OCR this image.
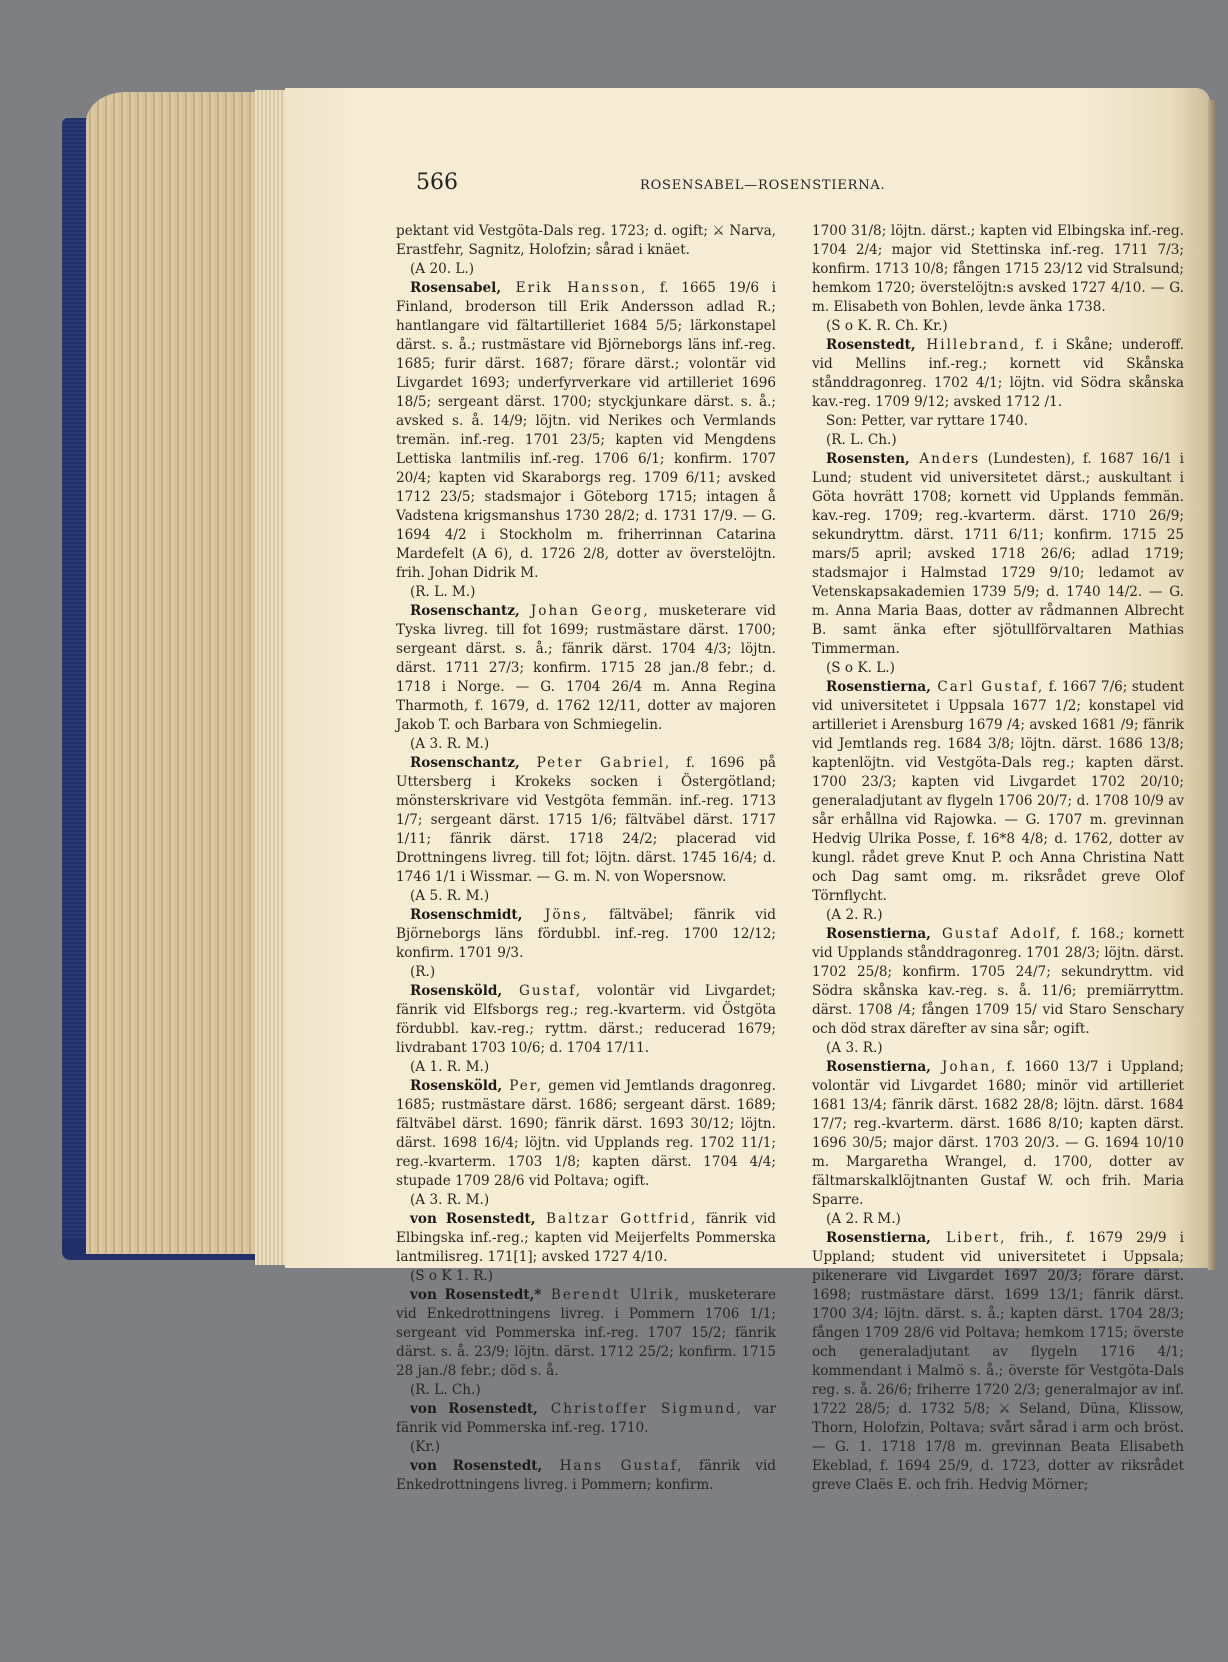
566	ROSENSABEL—ROSENSTIERNA.

pektant vid Vestgöta-Dals reg. 1723; d. ogift; ⚔ Narva, Erastfehr, Sagnitz, Holofzin; sårad i knäet.

(A 20. L.)

Rosensabel, Erik Hansson, f. 1665 19/6 i Finland, broderson till Erik Andersson adlad R.; hantlangare vid fältartilleriet 1684 5/5; lärkonstapel därst. s. å.; rustmästare vid Björneborgs läns inf.-reg. 1685; furir därst. 1687; förare därst.; volontär vid Livgardet 1693; underfyrverkare vid artilleriet 1696 18/5; sergeant därst. 1700; styckjunkare därst. s. å.; avsked s. å. 14/9; löjtn. vid Nerikes och Vermlands tremän. inf.-reg. 1701 23/5; kapten vid Mengdens Lettiska lantmilis inf.-reg. 1706 6/1; konfirm. 1707 20/4; kapten vid Skaraborgs reg. 1709 6/11; avsked 1712 23/5; stadsmajor i Göteborg 1715; intagen å Vadstena krigsmanshus 1730 28/2; d. 1731 17/9. — G. 1694 4/2 i Stockholm m. friherrinnan Catarina Mardefelt (A 6), d. 1726 2/8, dotter av överstelöjtn. frih. Johan Didrik M.

(R. L. M.)

Rosenschantz, Johan Georg, musketerare vid Tyska livreg. till fot 1699; rustmästare därst. 1700; sergeant därst. s. å.; fänrik därst. 1704 4/3; löjtn. därst. 1711 27/3; konfirm. 1715 28 jan./8 febr.; d. 1718 i Norge. — G. 1704 26/4 m. Anna Regina Tharmoth, f. 1679, d. 1762 12/11, dotter av majoren Jakob T. och Barbara von Schmiegelin.

(A 3. R. M.)

Rosenschantz, Peter Gabriel, f. 1696 på Uttersberg i Krokeks socken i Östergötland; mönsterskrivare vid Vestgöta femmän. inf.-reg. 1713 1/7; sergeant därst. 1715 1/6; fältväbel därst. 1717 1/11; fänrik därst. 1718 24/2; placerad vid Drottningens livreg. till fot; löjtn. därst. 1745 16/4; d. 1746 1/1 i Wissmar. — G. m. N. von Wopersnow.

(A 5. R. M.)

Rosenschmidt, Jöns, fältväbel; fänrik vid Björneborgs läns fördubbl. inf.-reg. 1700 12/12; konfirm. 1701 9/3.

(R.)

Rosensköld, Gustaf, volontär vid Livgardet; fänrik vid Elfsborgs reg.; reg.-kvarterm. vid Östgöta fördubbl. kav.-reg.; ryttm. därst.; reducerad 1679; livdrabant 1703 10/6; d. 1704 17/11.

(A 1. R. M.)

Rosensköld, Per, gemen vid Jemtlands dragonreg. 1685; rustmästare därst. 1686; sergeant därst. 1689; fältväbel därst. 1690; fänrik därst. 1693 30/12; löjtn. därst. 1698 16/4; löjtn. vid Upplands reg. 1702 11/1; reg.-kvarterm. 1703 1/8; kapten därst. 1704 4/4; stupade 1709 28/6 vid Poltava; ogift.

(A 3. R. M.)

von Rosenstedt, Baltzar Gottfrid, fänrik vid Elbingska inf.-reg.; kapten vid Meijerfelts Pommerska lantmilisreg. 171[1]; avsked 1727 4/10.

(S o K 1. R.)

von Rosenstedt,* Berendt Ulrik, musketerare vid Enkedrottningens livreg. i Pommern 1706 1/1; sergeant vid Pommerska inf.-reg. 1707 15/2; fänrik därst. s. å. 23/9; löjtn. därst. 1712 25/2; konfirm. 1715 28 jan./8 febr.; död s. å.

(R. L. Ch.)

von Rosenstedt, Christoffer Sigmund, var fänrik vid Pommerska inf.-reg. 1710.

(Kr.)

von Rosenstedt, Hans Gustaf, fänrik vid Enkedrottningens livreg. i Pommern; konfirm.

1700 31/8; löjtn. därst.; kapten vid Elbingska inf.-reg. 1704 2/4; major vid Stettinska inf.-reg. 1711 7/3; konfirm. 1713 10/8; fången 1715 23/12 vid Stralsund; hemkom 1720; överstelöjtn:s avsked 1727 4/10. — G. m. Elisabeth von Bohlen, levde änka 1738.

(S o K. R. Ch. Kr.)

Rosenstedt, Hillebrand, f. i Skåne; underoff. vid Mellins inf.-reg.; kornett vid Skånska stånddragonreg. 1702 4/1; löjtn. vid Södra skånska kav.-reg. 1709 9/12; avsked 1712 /1.

Son: Petter, var ryttare 1740.

(R. L. Ch.)

Rosensten, Anders (Lundesten), f. 1687 16/1 i Lund; student vid universitetet därst.; auskultant i Göta hovrätt 1708; kornett vid Upplands femmän. kav.-reg. 1709; reg.-kvarterm. därst. 1710 26/9; sekundryttm. därst. 1711 6/11; konfirm. 1715 25 mars/5 april; avsked 1718 26/6; adlad 1719; stadsmajor i Halmstad 1729 9/10; ledamot av Vetenskapsakademien 1739 5/9; d. 1740 14/2. — G. m. Anna Maria Baas, dotter av rådmannen Albrecht B. samt änka efter sjötullförvaltaren Mathias Timmerman.

(S o K. L.)

Rosenstierna, Carl Gustaf, f. 1667 7/6; student vid universitetet i Uppsala 1677 1/2; konstapel vid artilleriet i Arensburg 1679 /4; avsked 1681 /9; fänrik vid Jemtlands reg. 1684 3/8; löjtn. därst. 1686 13/8; kaptenlöjtn. vid Vestgöta-Dals reg.; kapten därst. 1700 23/3; kapten vid Livgardet 1702 20/10; generaladjutant av flygeln 1706 20/7; d. 1708 10/9 av sår erhållna vid Rajowka. — G. 1707 m. grevinnan Hedvig Ulrika Posse, f. 16*8 4/8; d. 1762, dotter av kungl. rådet greve Knut P. och Anna Christina Natt och Dag samt omg. m. riksrådet greve Olof Törnflycht.

(A 2. R.)

Rosenstierna, Gustaf Adolf, f. 168.; kornett vid Upplands stånddragonreg. 1701 28/3; löjtn. därst. 1702 25/8; konfirm. 1705 24/7; sekundryttm. vid Södra skånska kav.-reg. s. å. 11/6; premiärryttm. därst. 1708 /4; fången 1709 15/ vid Staro Senschary och död strax därefter av sina sår; ogift.

(A 3. R.)

Rosenstierna, Johan, f. 1660 13/7 i Uppland; volontär vid Livgardet 1680; minör vid artilleriet 1681 13/4; fänrik därst. 1682 28/8; löjtn. därst. 1684 17/7; reg.-kvarterm. därst. 1686 8/10; kapten därst. 1696 30/5; major därst. 1703 20/3. — G. 1694 10/10 m. Margaretha Wrangel, d. 1700, dotter av fältmarskalklöjtnanten Gustaf W. och frih. Maria Sparre.

(A 2. R M.)

Rosenstierna, Libert, frih., f. 1679 29/9 i Uppland; student vid universitetet i Uppsala; pikenerare vid Livgardet 1697 20/3; förare därst. 1698; rustmästare därst. 1699 13/1; fänrik därst. 1700 3/4; löjtn. därst. s. å.; kapten därst. 1704 28/3; fången 1709 28/6 vid Poltava; hemkom 1715; överste och generaladjutant av flygeln 1716 4/1; kommendant i Malmö s. å.; överste för Vestgöta-Dals reg. s. å. 26/6; friherre 1720 2/3; generalmajor av inf. 1722 28/5; d. 1732 5/8; ⚔ Seland, Düna, Klissow, Thorn, Holofzin, Poltava; svårt sårad i arm och bröst. — G. 1. 1718 17/8 m. grevinnan Beata Elisabeth Ekeblad, f. 1694 25/9, d. 1723, dotter av riksrådet greve Claës E. och frih. Hedvig Mörner;
